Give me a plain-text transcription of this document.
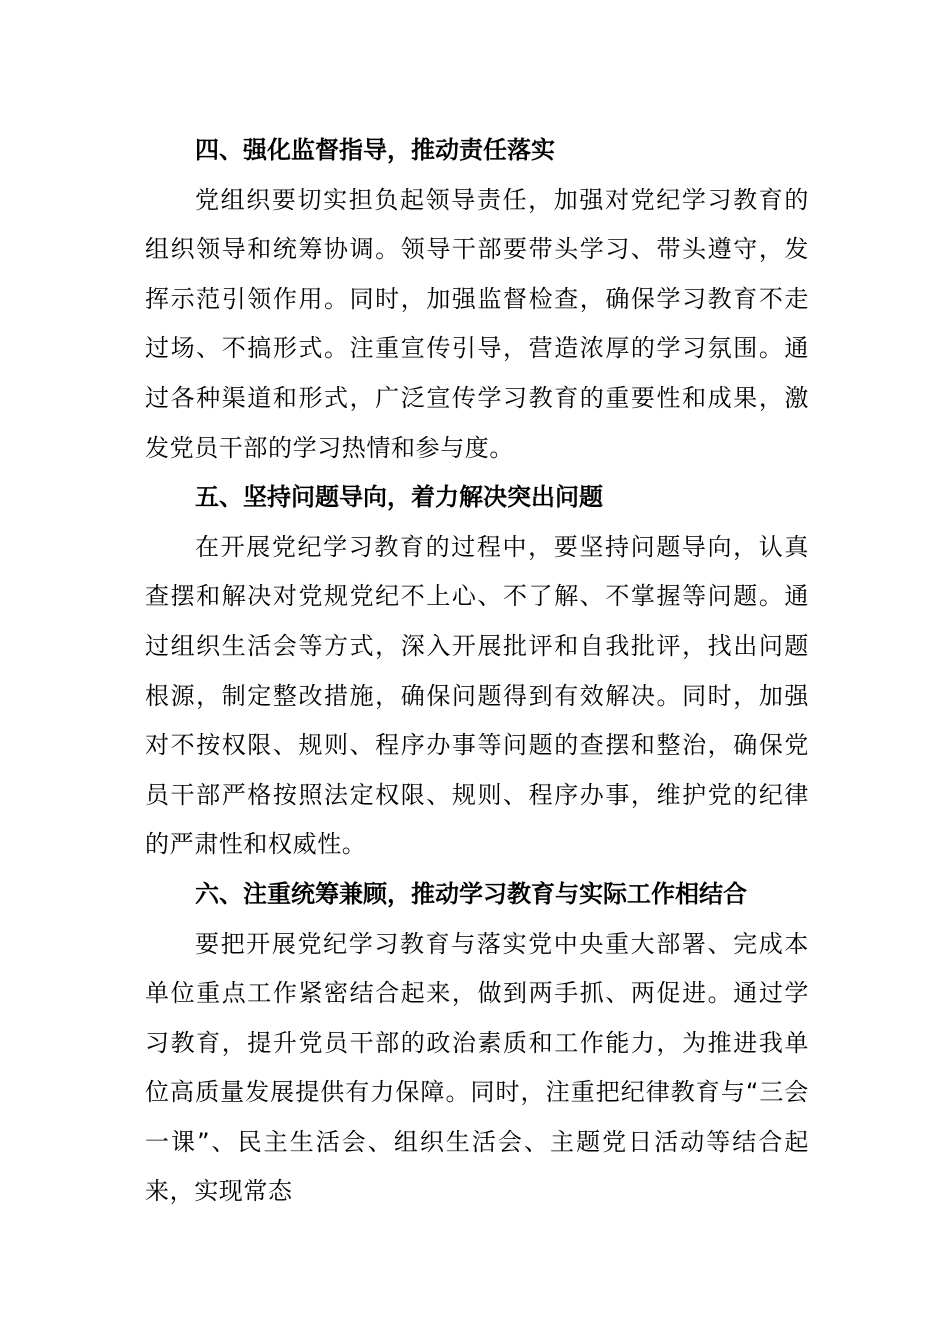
四、强化监督指导，推动责任落实

党组织要切实担负起领导责任，加强对党纪学习教育的组织领导和统筹协调。领导干部要带头学习、带头遵守，发挥示范引领作用。同时，加强监督检查，确保学习教育不走过场、不搞形式。注重宣传引导，营造浓厚的学习氛围。通过各种渠道和形式，广泛宣传学习教育的重要性和成果，激发党员干部的学习热情和参与度。

五、坚持问题导向，着力解决突出问题

在开展党纪学习教育的过程中，要坚持问题导向，认真查摆和解决对党规党纪不上心、不了解、不掌握等问题。通过组织生活会等方式，深入开展批评和自我批评，找出问题根源，制定整改措施，确保问题得到有效解决。同时，加强对不按权限、规则、程序办事等问题的查摆和整治，确保党员干部严格按照法定权限、规则、程序办事，维护党的纪律的严肃性和权威性。

六、注重统筹兼顾，推动学习教育与实际工作相结合

要把开展党纪学习教育与落实党中央重大部署、完成本单位重点工作紧密结合起来，做到两手抓、两促进。通过学习教育，提升党员干部的政治素质和工作能力，为推进我单位高质量发展提供有力保障。同时，注重把纪律教育与“三会一课”、民主生活会、组织生活会、主题党日活动等结合起来，实现常态
